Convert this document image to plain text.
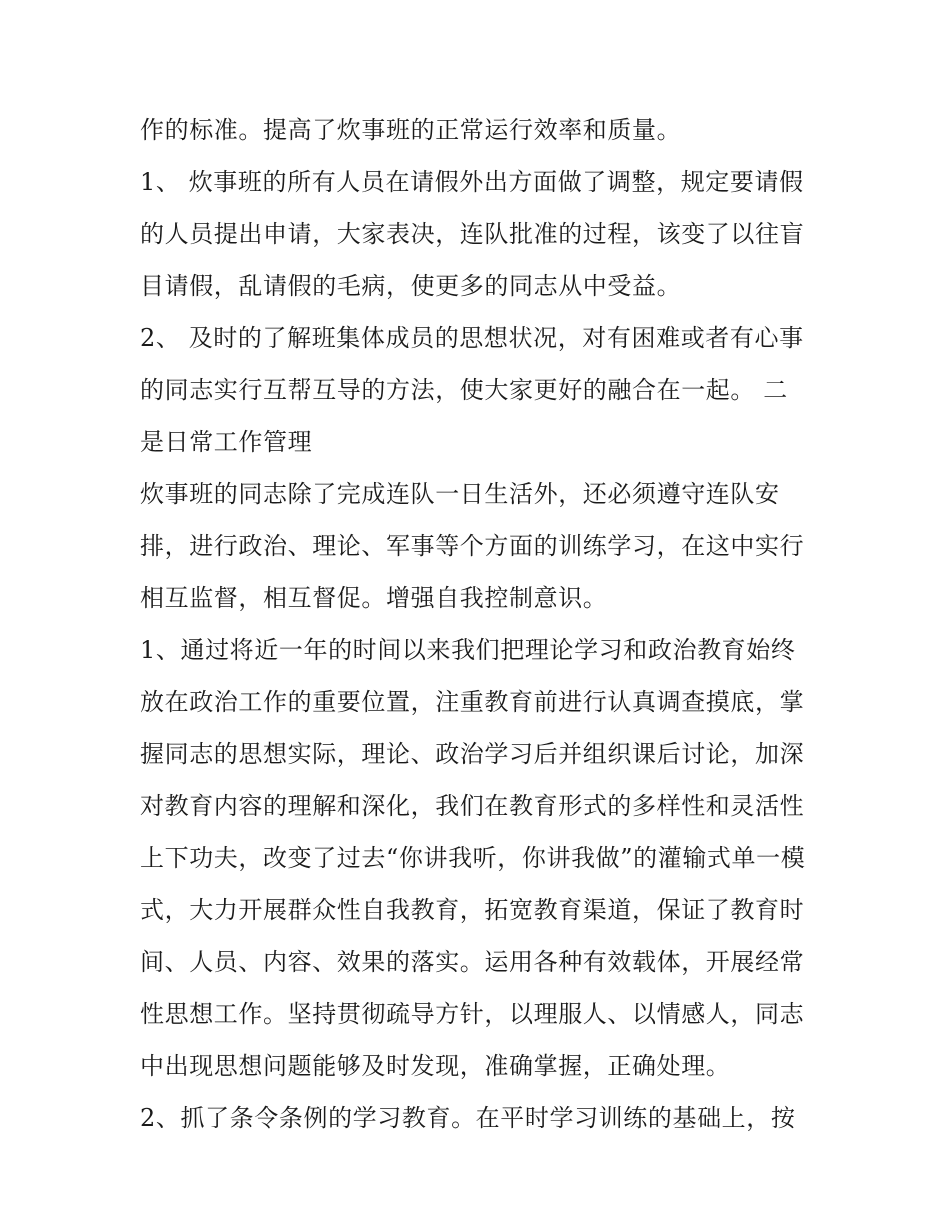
作的标准。提高了炊事班的正常运行效率和质量。
1、 炊事班的所有人员在请假外出方面做了调整，规定要请假
的人员提出申请，大家表决，连队批准的过程，该变了以往盲
目请假，乱请假的毛病，使更多的同志从中受益。
2、 及时的了解班集体成员的思想状况，对有困难或者有心事
的同志实行互帮互导的方法，使大家更好的融合在一起。 二
是日常工作管理
炊事班的同志除了完成连队一日生活外，还必须遵守连队安
排，进行政治、理论、军事等个方面的训练学习，在这中实行
相互监督，相互督促。增强自我控制意识。
1、通过将近一年的时间以来我们把理论学习和政治教育始终
放在政治工作的重要位置，注重教育前进行认真调查摸底，掌
握同志的思想实际，理论、政治学习后并组织课后讨论，加深
对教育内容的理解和深化，我们在教育形式的多样性和灵活性
上下功夫，改变了过去“你讲我听，你讲我做”的灌输式单一模
式，大力开展群众性自我教育，拓宽教育渠道，保证了教育时
间、人员、内容、效果的落实。运用各种有效载体，开展经常
性思想工作。坚持贯彻疏导方针，以理服人、以情感人，同志
中出现思想问题能够及时发现，准确掌握，正确处理。
2、抓了条令条例的学习教育。在平时学习训练的基础上，按
